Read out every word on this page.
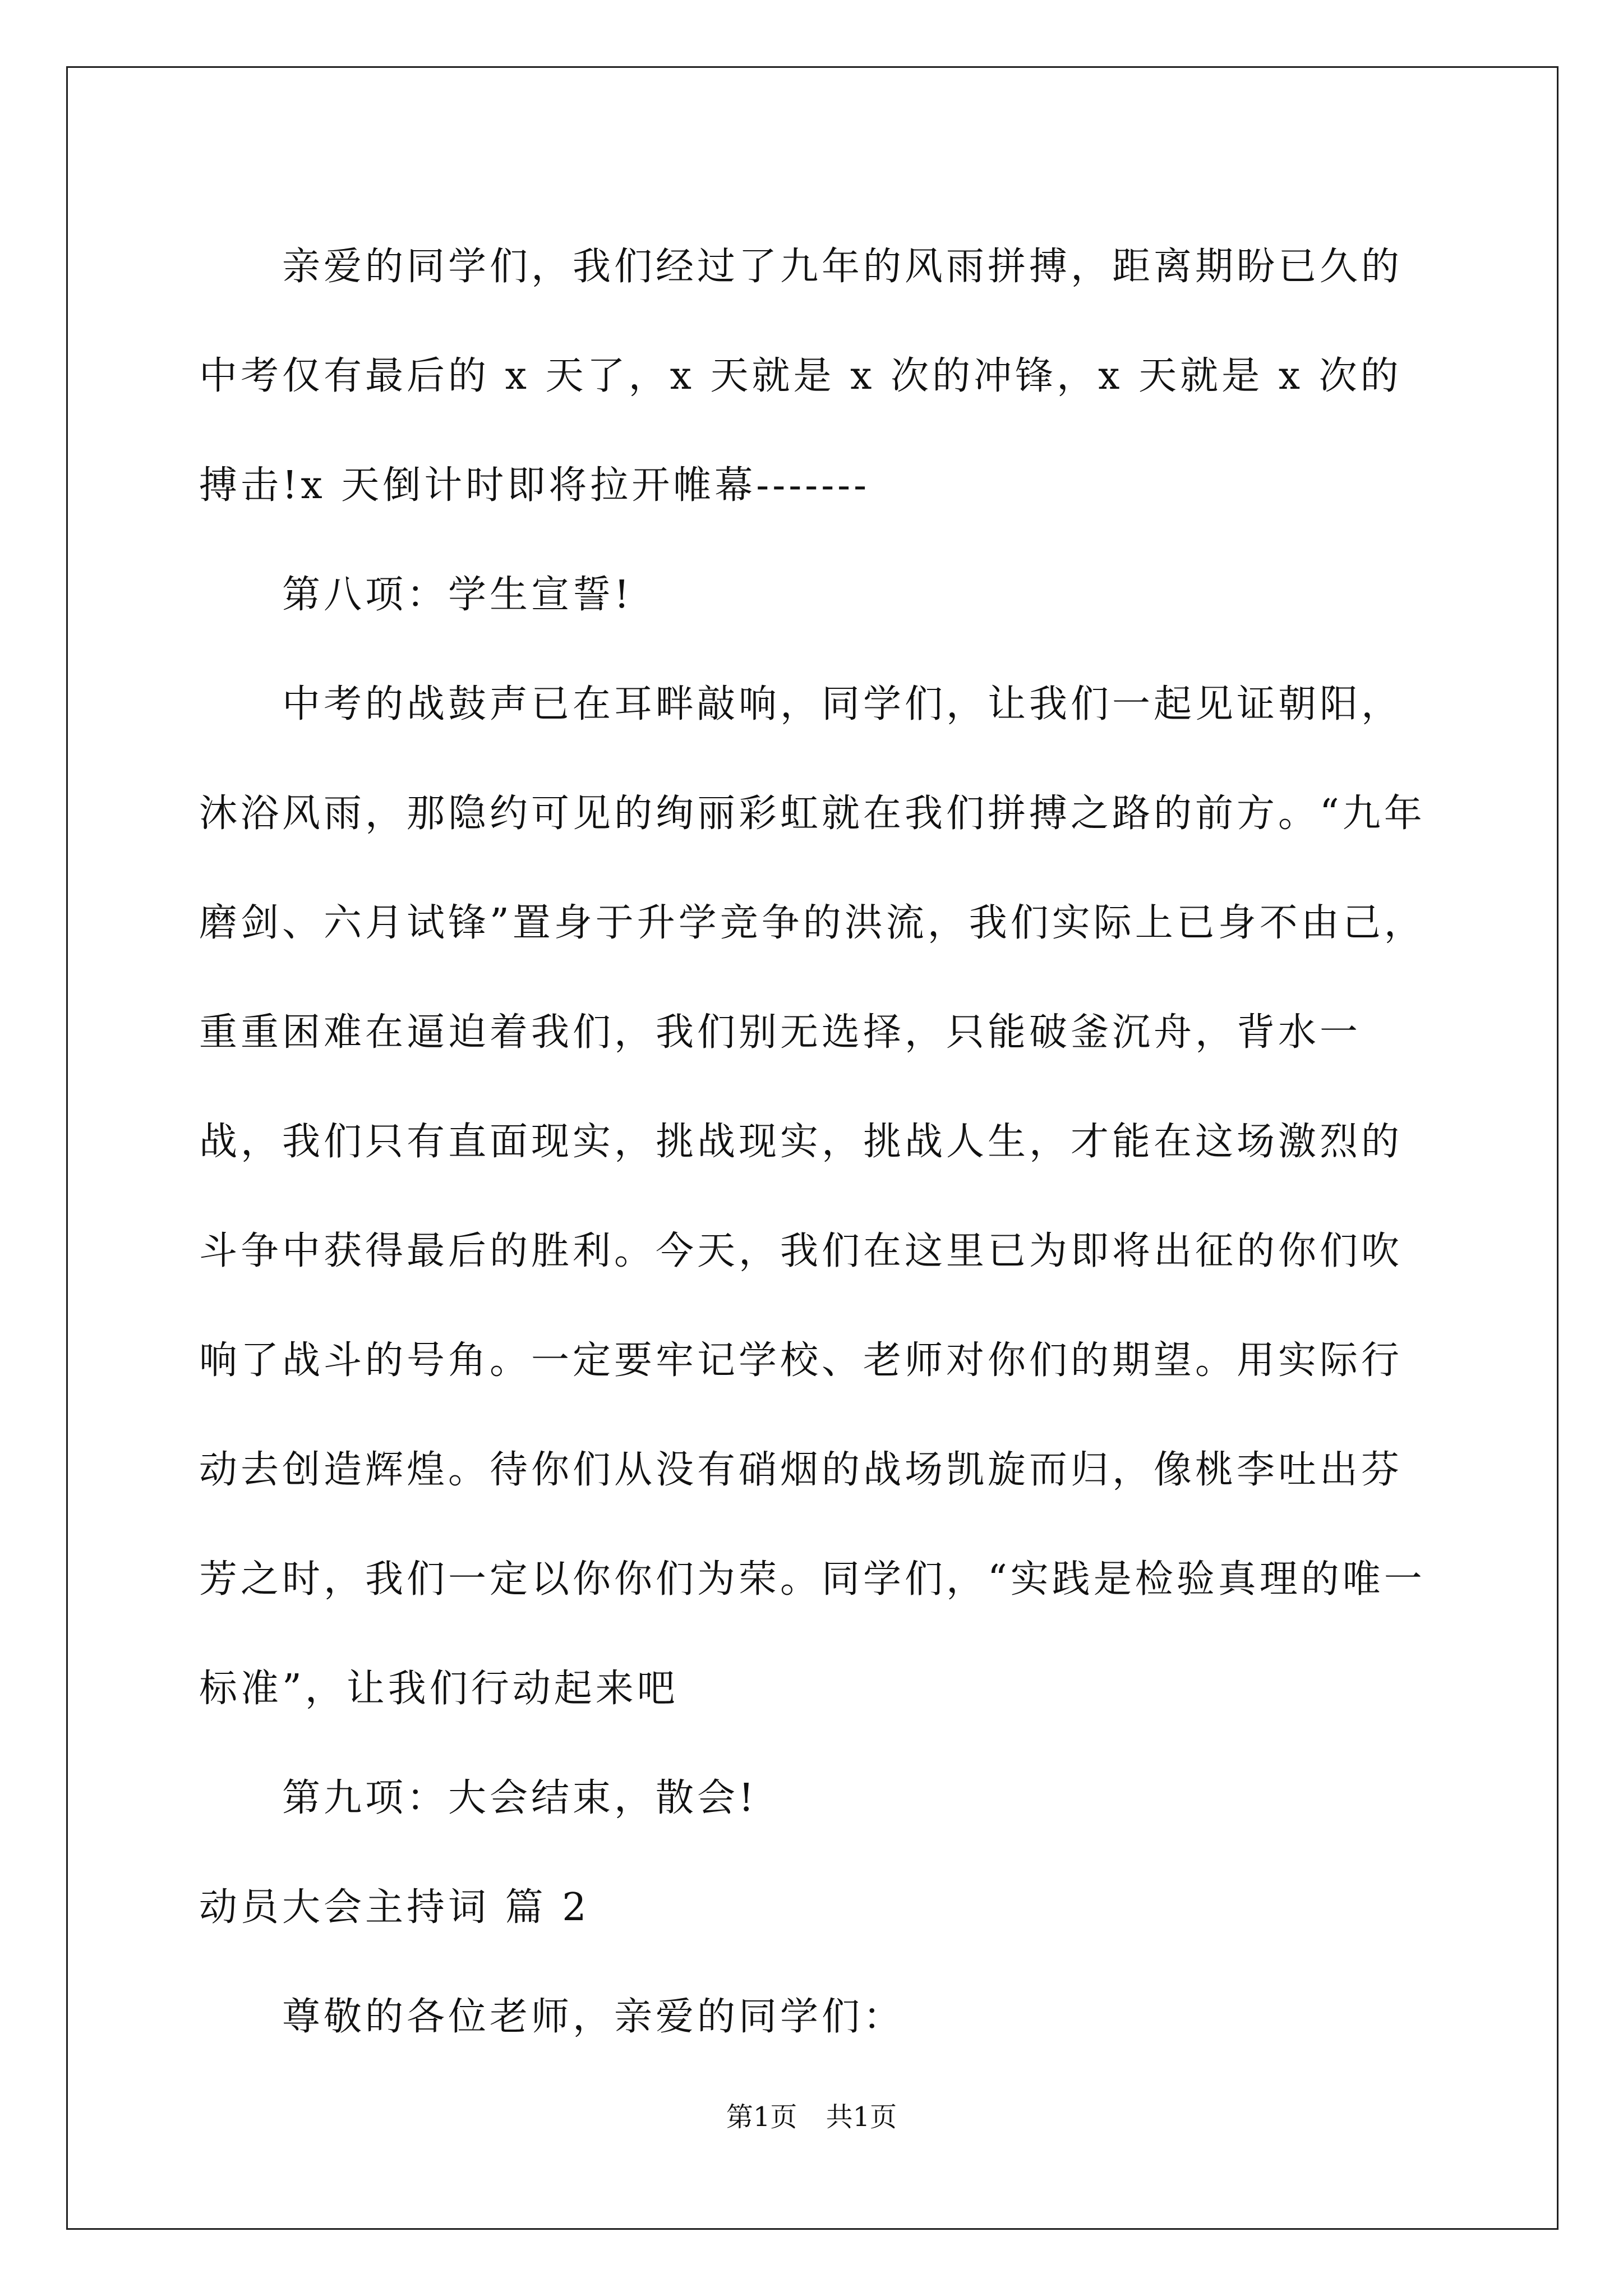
亲爱的同学们，我们经过了九年的风雨拼搏，距离期盼已久的中考仅有最后的 x 天了，x 天就是 x 次的冲锋，x 天就是 x 次的搏击!x 天倒计时即将拉开帷幕-------

第八项：学生宣誓!

中考的战鼓声已在耳畔敲响，同学们，让我们一起见证朝阳，沐浴风雨，那隐约可见的绚丽彩虹就在我们拼搏之路的前方。“九年磨剑、六月试锋”置身于升学竞争的洪流，我们实际上已身不由己，重重困难在逼迫着我们，我们别无选择，只能破釜沉舟，背水一战，我们只有直面现实，挑战现实，挑战人生，才能在这场激烈的斗争中获得最后的胜利。今天，我们在这里已为即将出征的你们吹响了战斗的号角。一定要牢记学校、老师对你们的期望。用实际行动去创造辉煌。待你们从没有硝烟的战场凯旋而归，像桃李吐出芬芳之时，我们一定以你你们为荣。同学们，“实践是检验真理的唯一标准”，让我们行动起来吧

第九项：大会结束，散会!

动员大会主持词 篇 2

尊敬的各位老师，亲爱的同学们：

第1页 共1页
